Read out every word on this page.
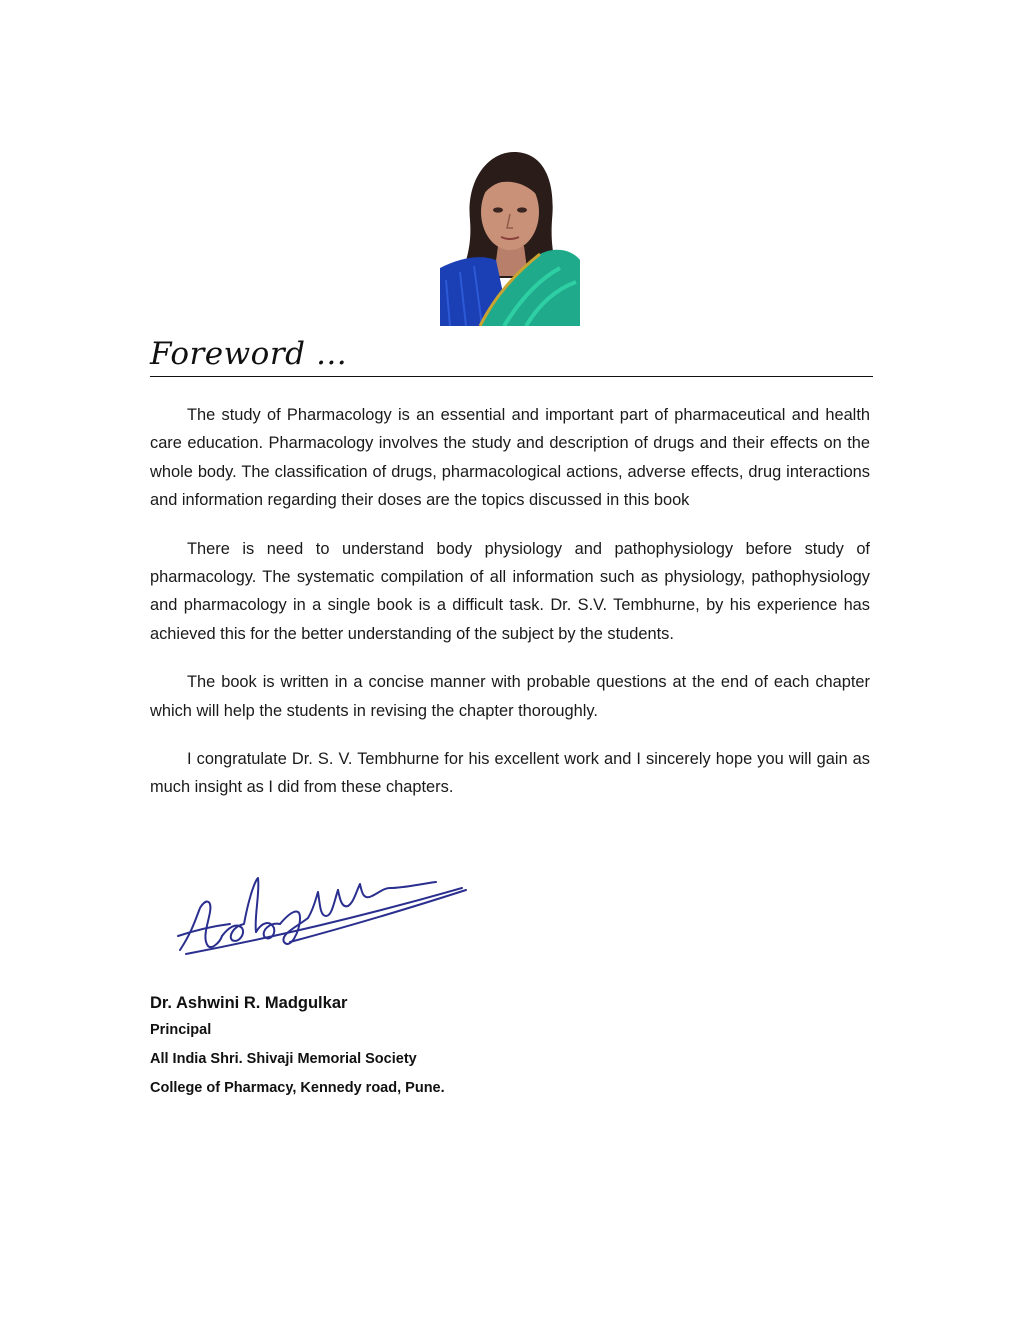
Foreword …

The study of Pharmacology is an essential and important part of pharmaceutical and health care education. Pharmacology involves the study and description of drugs and their effects on the whole body. The classification of drugs, pharmacological actions, adverse effects, drug interactions and information regarding their doses are the topics discussed in this book

There is need to understand body physiology and pathophysiology before study of pharmacology. The systematic compilation of all information such as physiology, pathophysiology and pharmacology in a single book is a difficult task. Dr. S.V. Tembhurne, by his experience has achieved this for the better understanding of the subject by the students.

The book is written in a concise manner with probable questions at the end of each chapter which will help the students in revising the chapter thoroughly.

I congratulate Dr. S. V. Tembhurne for his excellent work and I sincerely hope you will gain as much insight as I did from these chapters.

Dr. Ashwini R. Madgulkar
Principal
All India Shri. Shivaji Memorial Society
College of Pharmacy, Kennedy road, Pune.
